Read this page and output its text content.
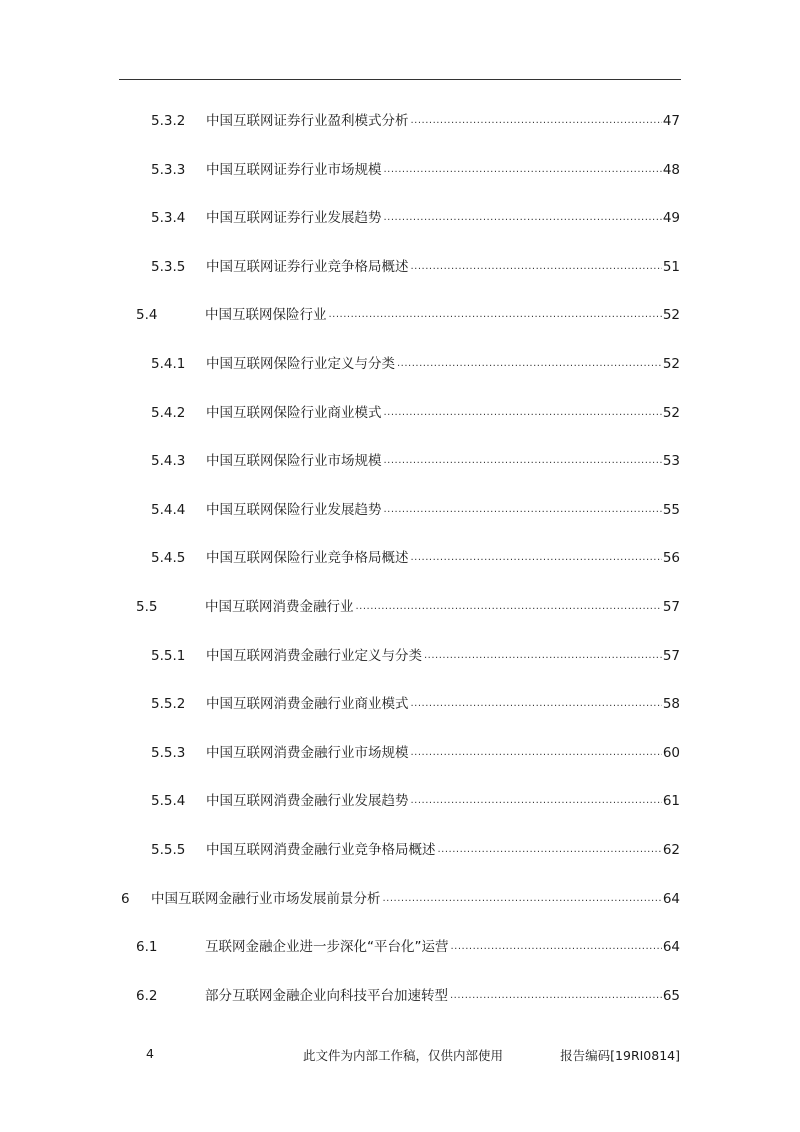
5.3.2 中国互联网证券行业盈利模式分析 .....	47
5.3.3 中国互联网证券行业市场规模 .....	48
5.3.4 中国互联网证券行业发展趋势 .....	49
5.3.5 中国互联网证券行业竞争格局概述 .....	51
5.4	中国互联网保险行业 .....	52
5.4.1 中国互联网保险行业定义与分类 .....	52
5.4.2 中国互联网保险行业商业模式 .....	52
5.4.3 中国互联网保险行业市场规模 .....	53
5.4.4 中国互联网保险行业发展趋势 .....	55
5.4.5 中国互联网保险行业竞争格局概述 .....	56
5.5	中国互联网消费金融行业 .....	57
5.5.1 中国互联网消费金融行业定义与分类 .....	57
5.5.2 中国互联网消费金融行业商业模式 .....	58
5.5.3 中国互联网消费金融行业市场规模 .....	60
5.5.4 中国互联网消费金融行业发展趋势 .....	61
5.5.5 中国互联网消费金融行业竞争格局概述 .....	62
6 中国互联网金融行业市场发展前景分析 .....	64
6.1	互联网金融企业进一步深化“平台化”运营 .....	64
6.2	部分互联网金融企业向科技平台加速转型 .....	65
4	此文件为内部工作稿，仅供内部使用	报告编码[19RI0814]
